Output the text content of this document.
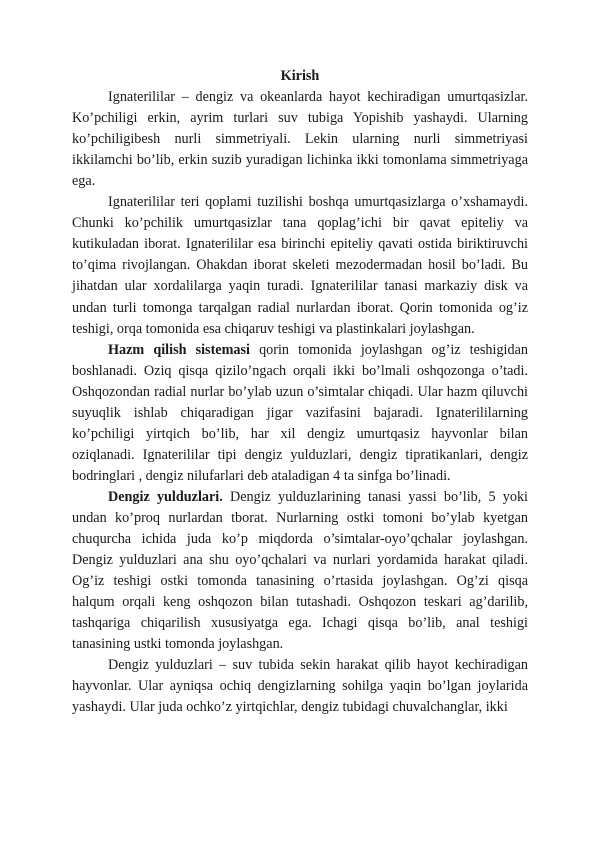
Kirish

Ignaterililar – dengiz va okeanlarda hayot kechiradigan umurtqasizlar. Ko’pchiligi erkin, ayrim turlari suv tubiga Yopishib yashaydi. Ularning ko’pchiligibesh nurli simmetriyali. Lekin ularning nurli simmetriyasi ikkilamchi bo’lib, erkin suzib yuradigan lichinka ikki tomonlama simmetriyaga ega.

Ignaterililar teri qoplami tuzilishi boshqa umurtqasizlarga o’xshamaydi. Chunki ko’pchilik umurtqasizlar tana qoplag’ichi bir qavat epiteliy va kutikuladan iborat. Ignaterililar esa birinchi epiteliy qavati ostida biriktiruvchi to’qima rivojlangan. Ohakdan iborat skeleti mezodermadan hosil bo’ladi. Bu jihatdan ular xordalilarga yaqin turadi. Ignaterililar tanasi markaziy disk va undan turli tomonga tarqalgan radial nurlardan iborat. Qorin tomonida og’iz teshigi, orqa tomonida esa chiqaruv teshigi va plastinkalari joylashgan.

Hazm qilish sistemasi qorin tomonida joylashgan og’iz teshigidan boshlanadi. Oziq qisqa qizilo’ngach orqali ikki bo’lmali oshqozonga o’tadi. Oshqozondan radial nurlar bo’ylab uzun o’simtalar chiqadi. Ular hazm qiluvchi suyuqlik ishlab chiqaradigan jigar vazifasini bajaradi. Ignaterililarning ko’pchiligi yirtqich bo’lib, har xil dengiz umurtqasiz hayvonlar bilan oziqlanadi. Ignaterililar tipi dengiz yulduzlari, dengiz tipratikanlari, dengiz bodringlari , dengiz nilufarlari deb ataladigan 4 ta sinfga bo’linadi.

Dengiz yulduzlari. Dengiz yulduzlarining tanasi yassi bo’lib, 5 yoki undan ko’proq nurlardan tborat. Nurlarning ostki tomoni bo’ylab kyetgan chuqurcha ichida juda ko’p miqdorda o’simtalar-oyo’qchalar joylashgan. Dengiz yulduzlari ana shu oyo’qchalari va nurlari yordamida harakat qiladi. Og’iz teshigi ostki tomonda tanasining o’rtasida joylashgan. Og’zi qisqa halqum orqali keng oshqozon bilan tutashadi. Oshqozon teskari ag’darilib, tashqariga chiqarilish xususiyatga ega. Ichagi qisqa bo’lib, anal teshigi tanasining ustki tomonda joylashgan.

Dengiz yulduzlari – suv tubida sekin harakat qilib hayot kechiradigan hayvonlar. Ular ayniqsa ochiq dengizlarning sohilga yaqin bo’lgan joylarida yashaydi. Ular juda ochko’z yirtqichlar, dengiz tubidagi chuvalchanglar, ikki
